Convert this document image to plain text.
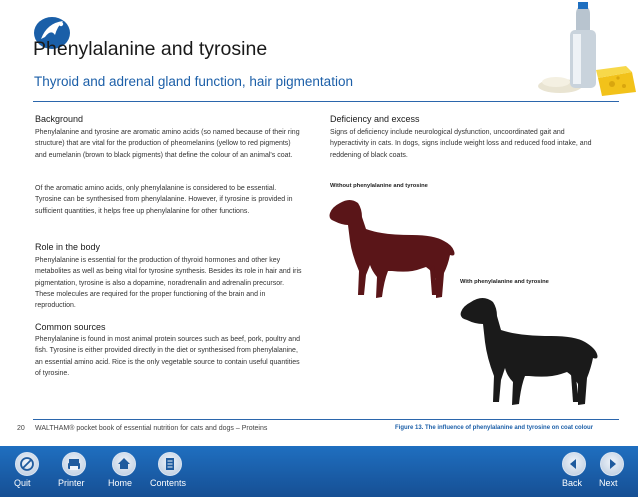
Phenylalanine and tyrosine
Thyroid and adrenal gland function, hair pigmentation
Background

Phenylalanine and tyrosine are aromatic amino acids (so named because of their ring structure) that are vital for the production of pheomelanins (yellow to red pigments) and eumelanin (brown to black pigments) that define the colour of an animal's coat.

Of the aromatic amino acids, only phenylalanine is considered to be essential. Tyrosine can be synthesised from phenylalanine. However, if tyrosine is provided in sufficient quantities, it helps free up phenylalanine for other functions.

Role in the body

Phenylalanine is essential for the production of thyroid hormones and other key metabolites as well as being vital for tyrosine synthesis. Besides its role in hair and iris pigmentation, tyrosine is also a dopamine, noradrenalin and adrenalin precursor. These molecules are required for the proper functioning of the brain and in reproduction.

Common sources

Phenylalanine is found in most animal protein sources such as beef, pork, poultry and fish. Tyrosine is either provided directly in the diet or synthesised from phenylalanine, an essential amino acid. Rice is the only vegetable source to contain useful quantities of tyrosine.

Deficiency and excess

Signs of deficiency include neurological dysfunction, uncoordinated gait and hyperactivity in cats. In dogs, signs include weight loss and reduced food intake, and reddening of black coats.

Without phenylalanine and tyrosine
With phenylalanine and tyrosine
20 WALTHAM® pocket book of essential nutrition for cats and dogs – Proteins	Figure 13. The influence of phenylalanine and tyrosine on coat colour
Quit	Printer	Home Contents	Back Next
